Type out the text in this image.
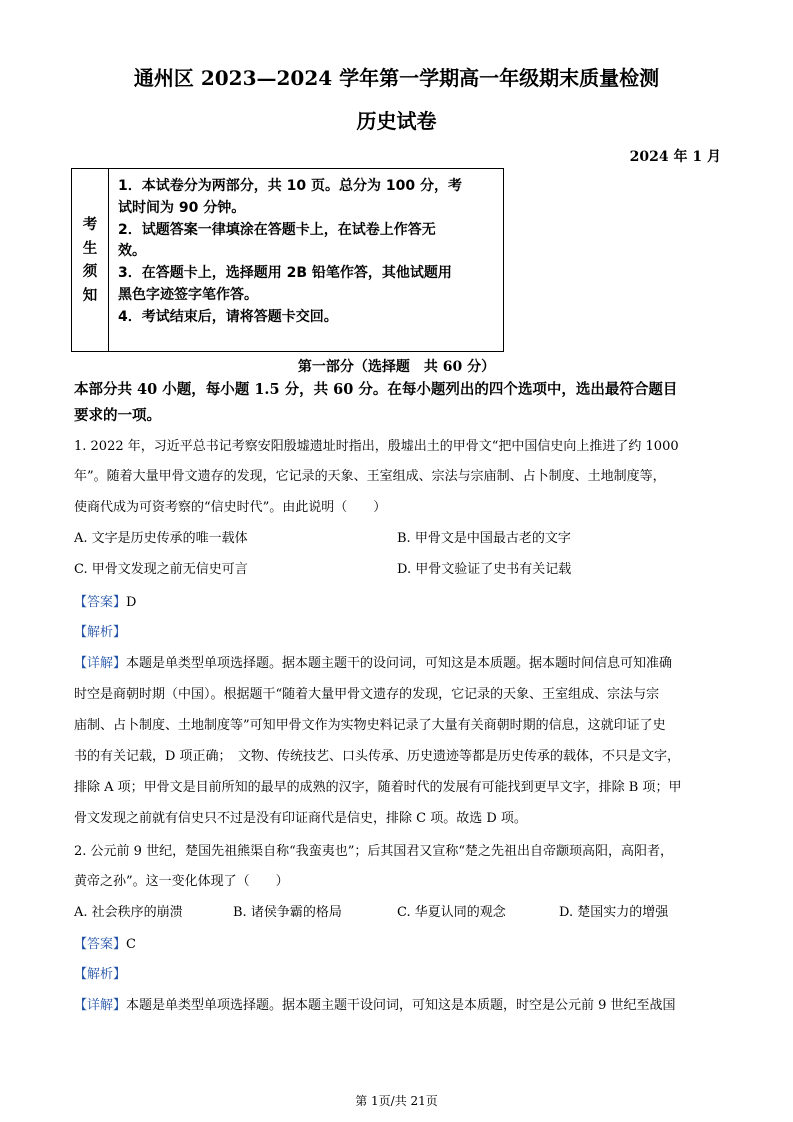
通州区 2023—2024 学年第一学期高一年级期末质量检测
历史试卷
2024 年 1 月
考
生
须
知

1．本试卷分为两部分，共 10 页。总分为 100 分，考

试时间为 90 分钟。

2．试题答案一律填涂在答题卡上，在试卷上作答无

效。

3．在答题卡上，选择题用 2B 铅笔作答，其他试题用

黑色字迹签字笔作答。

4．考试结束后，请将答题卡交回。

第一部分（选择题　共 60 分）
本部分共 40 小题，每小题 1.5 分，共 60 分。在每小题列出的四个选项中，选出最符合题目
要求的一项。
1. 2022 年，习近平总书记考察安阳殷墟遗址时指出，殷墟出土的甲骨文“把中国信史向上推进了约 1000
年”。随着大量甲骨文遗存的发现，它记录的天象、王室组成、宗法与宗庙制、占卜制度、土地制度等，
使商代成为可资考察的“信史时代”。由此说明（　　）
A. 文字是历史传承的唯一载体	B. 甲骨文是中国最古老的文字
C. 甲骨文发现之前无信史可言	D. 甲骨文验证了史书有关记载
【答案】D
【解析】
【详解】本题是单类型单项选择题。据本题主题干的设问词，可知这是本质题。据本题时间信息可知准确
时空是商朝时期（中国）。根据题干“随着大量甲骨文遗存的发现，它记录的天象、王室组成、宗法与宗
庙制、占卜制度、土地制度等”可知甲骨文作为实物史料记录了大量有关商朝时期的信息，这就印证了史
书的有关记载，D 项正确；　文物、传统技艺、口头传承、历史遗迹等都是历史传承的载体，不只是文字，
排除 A 项；甲骨文是目前所知的最早的成熟的汉字，随着时代的发展有可能找到更早文字，排除 B 项；甲
骨文发现之前就有信史只不过是没有印证商代是信史，排除 C 项。故选 D 项。
2. 公元前 9 世纪，楚国先祖熊渠自称“我蛮夷也”；后其国君又宣称“楚之先祖出自帝颛顼高阳，高阳者，
黄帝之孙”。这一变化体现了（　　）
A. 社会秩序的崩溃	B. 诸侯争霸的格局	C. 华夏认同的观念	D. 楚国实力的增强
【答案】C
【解析】
【详解】本题是单类型单项选择题。据本题主题干设问词，可知这是本质题，时空是公元前 9 世纪至战国
第 1页/共 21页
